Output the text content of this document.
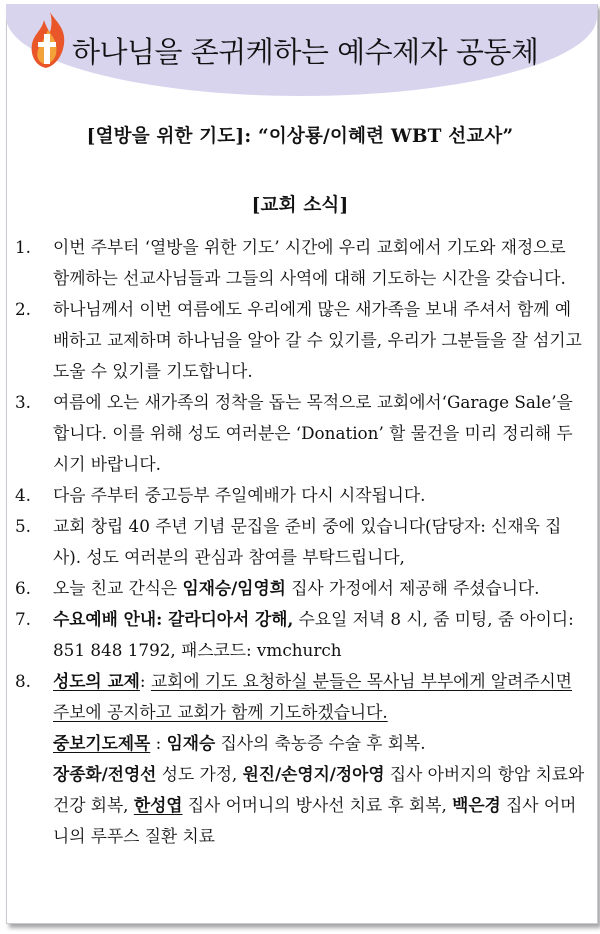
하나님을 존귀케하는 예수제자 공동체
[열방을 위한 기도]: “이상룡/이혜련 WBT 선교사”
[교회 소식]
1.	이번 주부터 ‘열방을 위한 기도’ 시간에 우리 교회에서 기도와 재정으로 함께하는 선교사님들과 그들의 사역에 대해 기도하는 시간을 갖습니다.
2.	하나님께서 이번 여름에도 우리에게 많은 새가족을 보내 주셔서 함께 예배하고 교제하며 하나님을 알아 갈 수 있기를, 우리가 그분들을 잘 섬기고 도울 수 있기를 기도합니다.
3.	여름에 오는 새가족의 정착을 돕는 목적으로 교회에서‘Garage Sale’을 합니다. 이를 위해 성도 여러분은 ‘Donation’ 할 물건을 미리 정리해 두시기 바랍니다.
4.	다음 주부터 중고등부 주일예배가 다시 시작됩니다.
5.	교회 창립 40 주년 기념 문집을 준비 중에 있습니다(담당자: 신재욱 집사). 성도 여러분의 관심과 참여를 부탁드립니다,
6.	오늘 친교 간식은 임재승/임영희 집사 가정에서 제공해 주셨습니다.
7.	수요예배 안내: 갈라디아서 강해, 수요일 저녁 8 시, 줌 미팅, 줌 아이디: 851 848 1792, 패스코드: vmchurch
8.	성도의 교제: 교회에 기도 요청하실 분들은 목사님 부부에게 알려주시면 주보에 공지하고 교회가 함께 기도하겠습니다.
중보기도제목 : 임재승 집사의 축농증 수술 후 회복.
장종화/전영선 성도 가정, 원진/손영지/정아영 집사 아버지의 항암 치료와 건강 회복, 한성엽 집사 어머니의 방사선 치료 후 회복, 백은경 집사 어머니의 루푸스 질환 치료
